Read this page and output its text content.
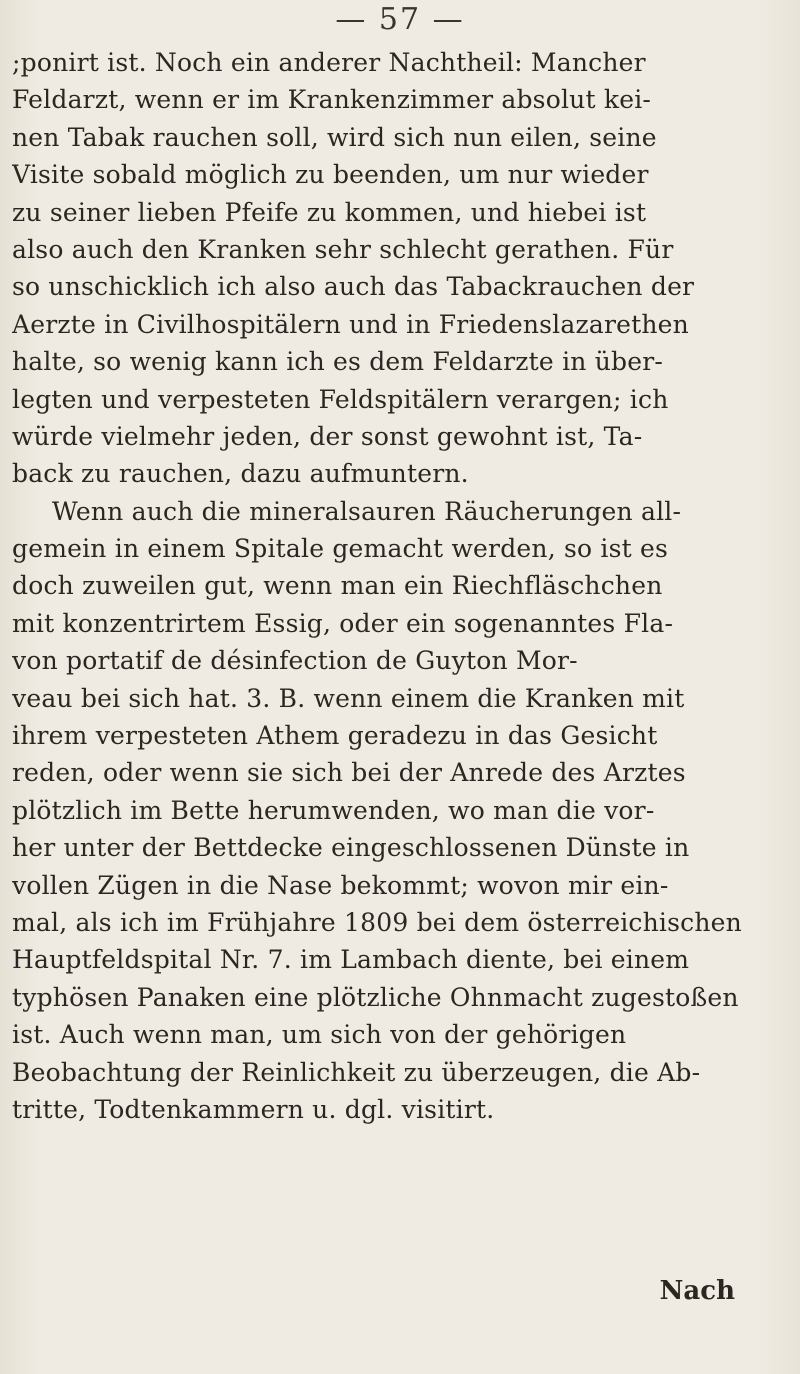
— 57 —
;ponirt ist. Noch ein anderer Nachtheil: Mancher
Feldarzt, wenn er im Krankenzimmer absolut kei-
nen Tabak rauchen soll, wird sich nun eilen, seine
Visite sobald möglich zu beenden, um nur wieder
zu seiner lieben Pfeife zu kommen, und hiebei ist
also auch den Kranken sehr schlecht gerathen. Für
so unschicklich ich also auch das Tabackrauchen der
Aerzte in Civilhospitälern und in Friedenslazarethen
halte, so wenig kann ich es dem Feldarzte in über-
legten und verpesteten Feldspitälern verargen; ich
würde vielmehr jeden, der sonst gewohnt ist, Ta-
back zu rauchen, dazu aufmuntern.
Wenn auch die mineralsauren Räucherungen all-
gemein in einem Spitale gemacht werden, so ist es
doch zuweilen gut, wenn man ein Riechfläschchen
mit konzentrirtem Essig, oder ein sogenanntes Fla-
von portatif de désinfection de Guyton Mor-
veau bei sich hat. 3. B. wenn einem die Kranken mit
ihrem verpesteten Athem geradezu in das Gesicht
reden, oder wenn sie sich bei der Anrede des Arztes
plötzlich im Bette herumwenden, wo man die vor-
her unter der Bettdecke eingeschlossenen Dünste in
vollen Zügen in die Nase bekommt; wovon mir ein-
mal, als ich im Frühjahre 1809 bei dem österreichischen
Hauptfeldspital Nr. 7. im Lambach diente, bei einem
typhösen Panaken eine plötzliche Ohnmacht zugestoßen
ist. Auch wenn man, um sich von der gehörigen
Beobachtung der Reinlichkeit zu überzeugen, die Ab-
tritte, Todtenkammern u. dgl. visitirt.
Nach
